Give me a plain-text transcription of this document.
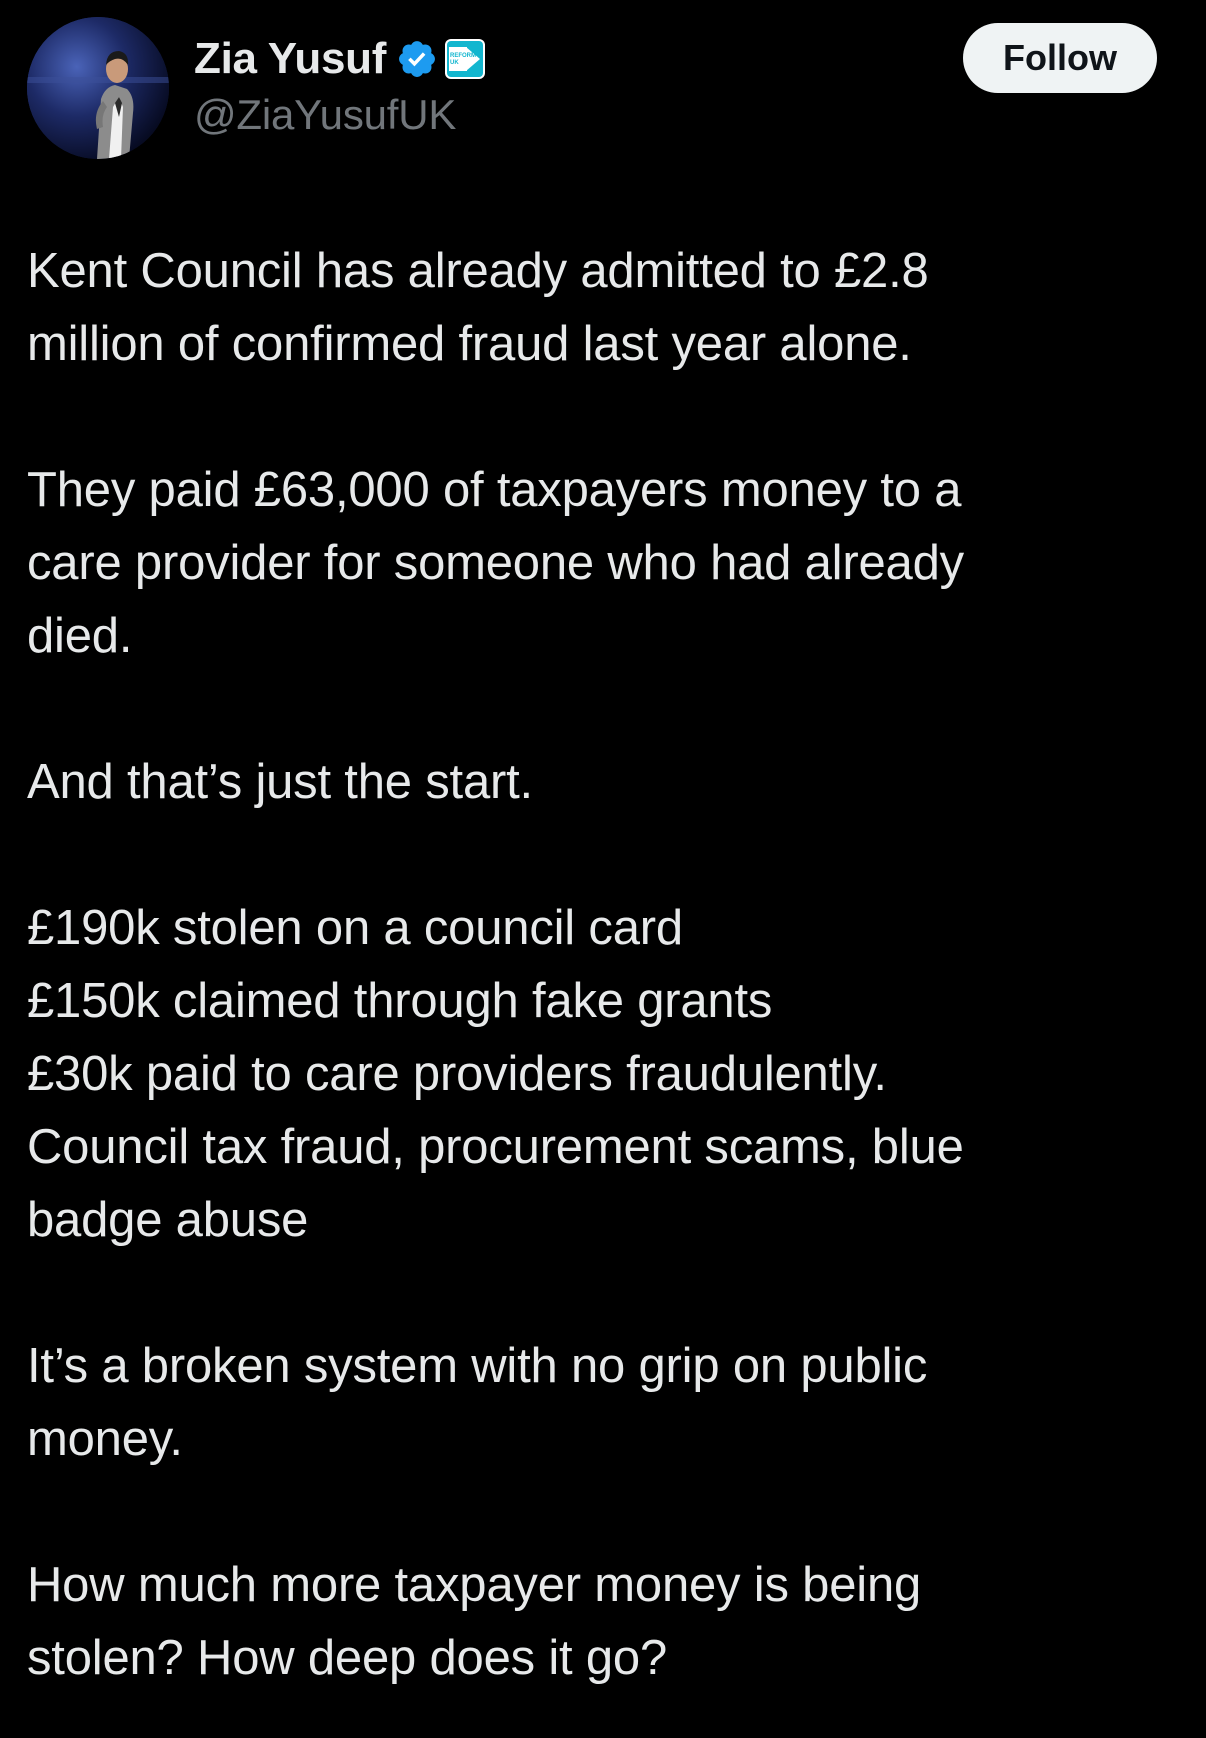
Zia Yusuf	REFORM
UK
@ZiaYusufUK
Follow

Kent Council has already admitted to £2.8
million of confirmed fraud last year alone.

They paid £63,000 of taxpayers money to a
care provider for someone who had already
died.

And that’s just the start.

£190k stolen on a council card
£150k claimed through fake grants
£30k paid to care providers fraudulently.
Council tax fraud, procurement scams, blue
badge abuse

It’s a broken system with no grip on public
money.

How much more taxpayer money is being
stolen? How deep does it go?
